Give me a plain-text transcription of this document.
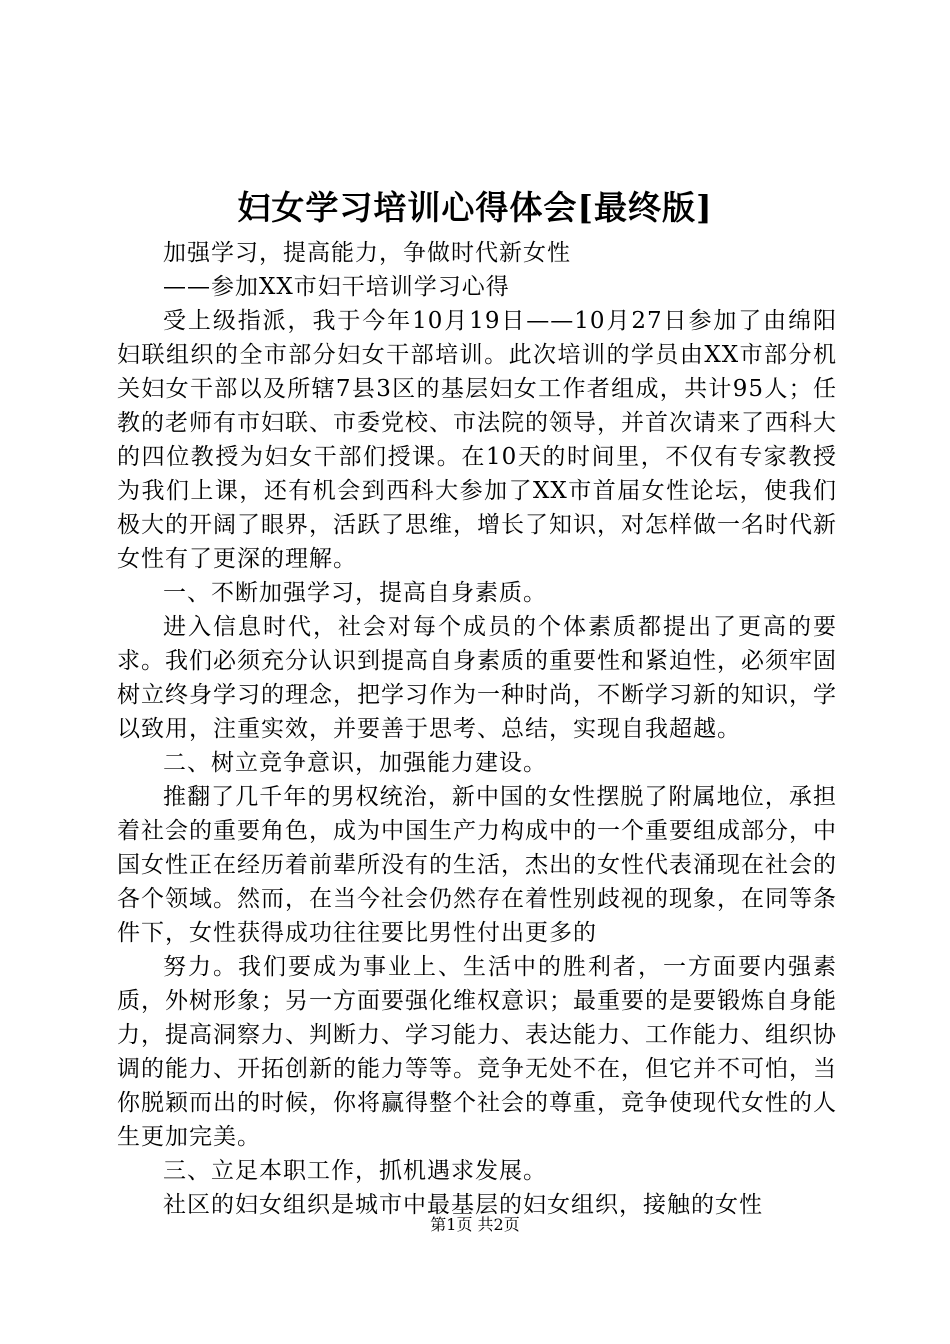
妇女学习培训心得体会[最终版]

加强学习，提高能力，争做时代新女性

——参加XX市妇干培训学习心得

受上级指派，我于今年10月19日——10月27日参加了由绵阳妇联组织的全市部分妇女干部培训。此次培训的学员由XX市部分机关妇女干部以及所辖7县3区的基层妇女工作者组成，共计95人；任教的老师有市妇联、市委党校、市法院的领导，并首次请来了西科大的四位教授为妇女干部们授课。在10天的时间里，不仅有专家教授为我们上课，还有机会到西科大参加了XX市首届女性论坛，使我们极大的开阔了眼界，活跃了思维，增长了知识，对怎样做一名时代新女性有了更深的理解。

一、不断加强学习，提高自身素质。

进入信息时代，社会对每个成员的个体素质都提出了更高的要求。我们必须充分认识到提高自身素质的重要性和紧迫性，必须牢固树立终身学习的理念，把学习作为一种时尚，不断学习新的知识，学以致用，注重实效，并要善于思考、总结，实现自我超越。

二、树立竞争意识，加强能力建设。

推翻了几千年的男权统治，新中国的女性摆脱了附属地位，承担着社会的重要角色，成为中国生产力构成中的一个重要组成部分，中国女性正在经历着前辈所没有的生活，杰出的女性代表涌现在社会的各个领域。然而，在当今社会仍然存在着性别歧视的现象，在同等条件下，女性获得成功往往要比男性付出更多的

努力。我们要成为事业上、生活中的胜利者，一方面要内强素质，外树形象；另一方面要强化维权意识；最重要的是要锻炼自身能力，提高洞察力、判断力、学习能力、表达能力、工作能力、组织协调的能力、开拓创新的能力等等。竞争无处不在，但它并不可怕，当你脱颖而出的时候，你将赢得整个社会的尊重，竞争使现代女性的人生更加完美。

三、立足本职工作，抓机遇求发展。

社区的妇女组织是城市中最基层的妇女组织，接触的女性

第1页 共2页
